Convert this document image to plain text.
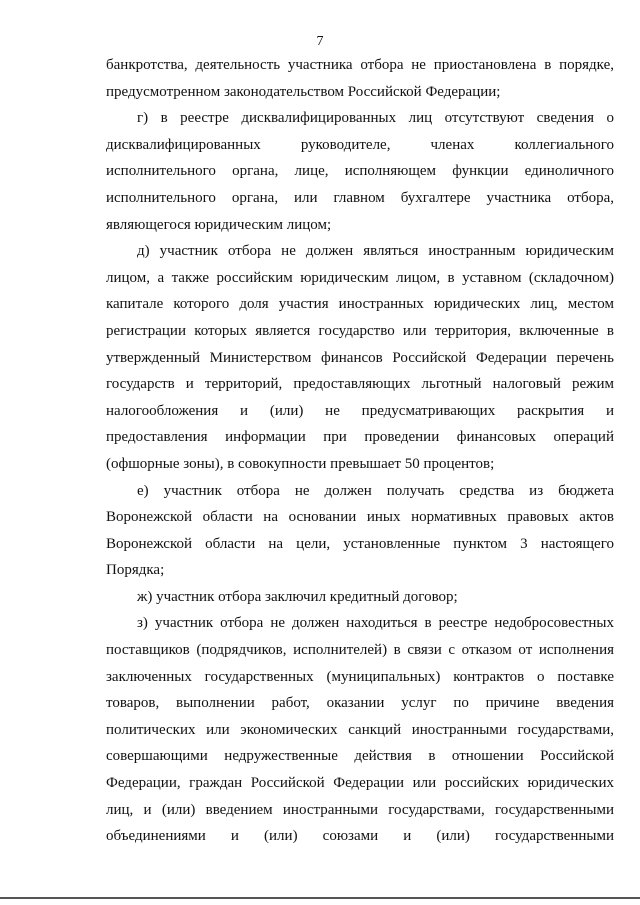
7
банкротства, деятельность участника отбора не приостановлена в порядке,
предусмотренном законодательством Российской Федерации;
г) в реестре дисквалифицированных лиц отсутствуют сведения о
дисквалифицированных руководителе, членах коллегиального
исполнительного органа, лице, исполняющем функции единоличного
исполнительного органа, или главном бухгалтере участника отбора,
являющегося юридическим лицом;
д) участник отбора не должен являться иностранным юридическим
лицом, а также российским юридическим лицом, в уставном (складочном)
капитале которого доля участия иностранных юридических лиц, местом
регистрации которых является государство или территория, включенные в
утвержденный Министерством финансов Российской Федерации перечень
государств и территорий, предоставляющих льготный налоговый режим
налогообложения и (или) не предусматривающих раскрытия и
предоставления информации при проведении финансовых операций
(офшорные зоны), в совокупности превышает 50 процентов;
е) участник отбора не должен получать средства из бюджета
Воронежской области на основании иных нормативных правовых актов
Воронежской области на цели, установленные пунктом 3 настоящего
Порядка;
ж) участник отбора заключил кредитный договор;
з) участник отбора не должен находиться в реестре недобросовестных
поставщиков (подрядчиков, исполнителей) в связи с отказом от исполнения
заключенных государственных (муниципальных) контрактов о поставке
товаров, выполнении работ, оказании услуг по причине введения
политических или экономических санкций иностранными государствами,
совершающими недружественные действия в отношении Российской
Федерации, граждан Российской Федерации или российских юридических
лиц, и (или) введением иностранными государствами, государственными
объединениями и (или) союзами и (или) государственными
